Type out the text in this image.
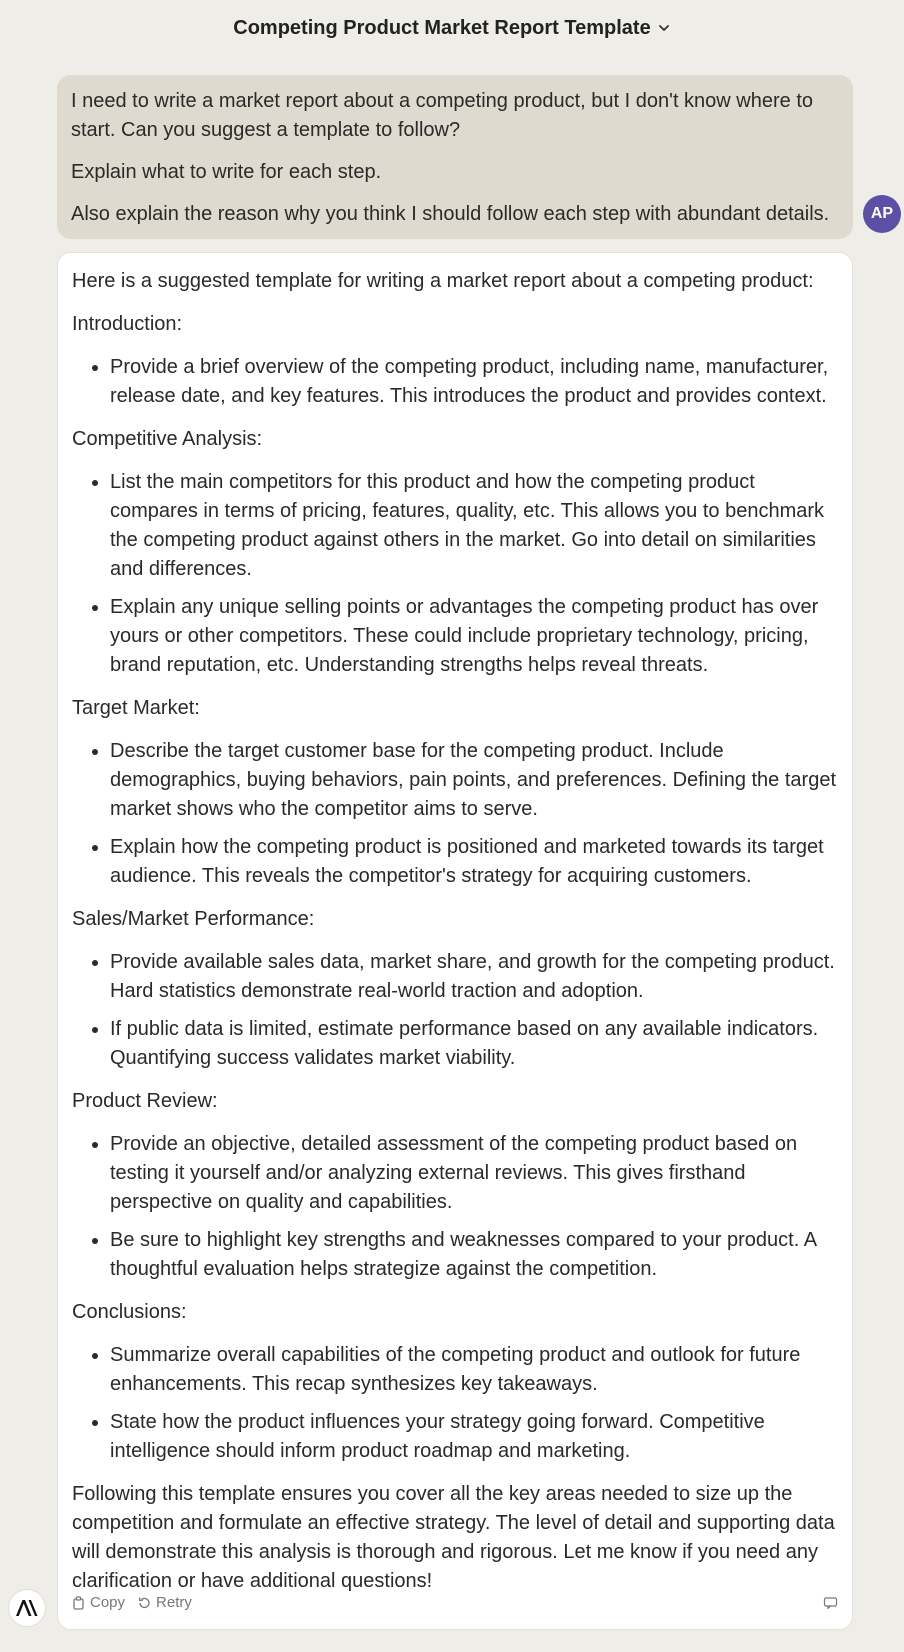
Competing Product Market Report Template

I need to write a market report about a competing product, but I don't know where to start. Can you suggest a template to follow?

Explain what to write for each step.

Also explain the reason why you think I should follow each step with abundant details.	AP

Here is a suggested template for writing a market report about a competing product:

Introduction:

• Provide a brief overview of the competing product, including name, manufacturer, release date, and key features. This introduces the product and provides context.

Competitive Analysis:

• List the main competitors for this product and how the competing product compares in terms of pricing, features, quality, etc. This allows you to benchmark the competing product against others in the market. Go into detail on similarities and differences.
• Explain any unique selling points or advantages the competing product has over yours or other competitors. These could include proprietary technology, pricing, brand reputation, etc. Understanding strengths helps reveal threats.

Target Market:

• Describe the target customer base for the competing product. Include demographics, buying behaviors, pain points, and preferences. Defining the target market shows who the competitor aims to serve.
• Explain how the competing product is positioned and marketed towards its target audience. This reveals the competitor's strategy for acquiring customers.

Sales/Market Performance:

• Provide available sales data, market share, and growth for the competing product. Hard statistics demonstrate real-world traction and adoption.
• If public data is limited, estimate performance based on any available indicators. Quantifying success validates market viability.

Product Review:

• Provide an objective, detailed assessment of the competing product based on testing it yourself and/or analyzing external reviews. This gives firsthand perspective on quality and capabilities.
• Be sure to highlight key strengths and weaknesses compared to your product. A thoughtful evaluation helps strategize against the competition.

Conclusions:

• Summarize overall capabilities of the competing product and outlook for future enhancements. This recap synthesizes key takeaways.
• State how the product influences your strategy going forward. Competitive intelligence should inform product roadmap and marketing.

Following this template ensures you cover all the key areas needed to size up the competition and formulate an effective strategy. The level of detail and supporting data will demonstrate this analysis is thorough and rigorous. Let me know if you need any clarification or have additional questions!

Copy Retry
